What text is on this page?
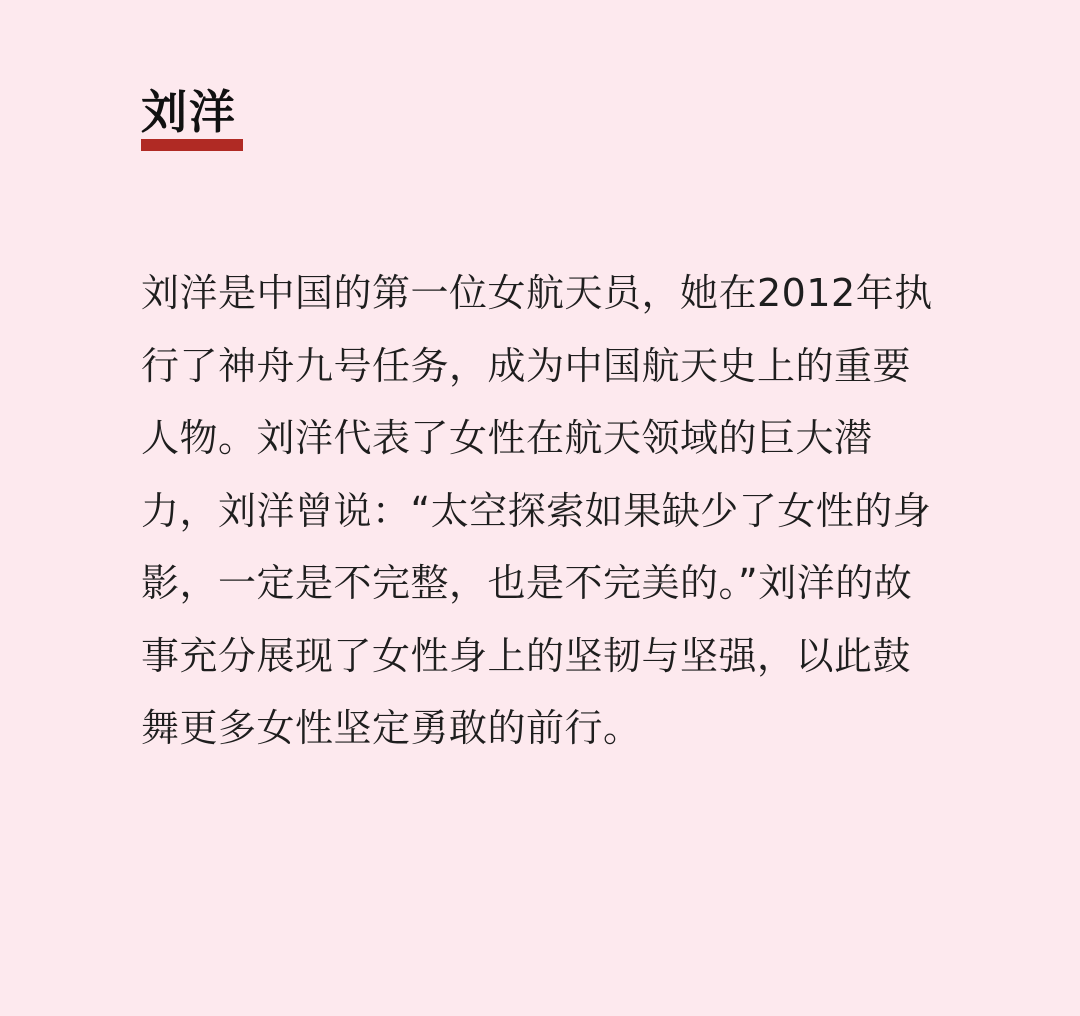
刘洋

刘洋是中国的第一位女航天员，她在2012年执行了神舟九号任务，成为中国航天史上的重要人物。刘洋代表了女性在航天领域的巨大潜力，刘洋曾说：“太空探索如果缺少了女性的身影，一定是不完整，也是不完美的。”刘洋的故事充分展现了女性身上的坚韧与坚强，以此鼓舞更多女性坚定勇敢的前行。
